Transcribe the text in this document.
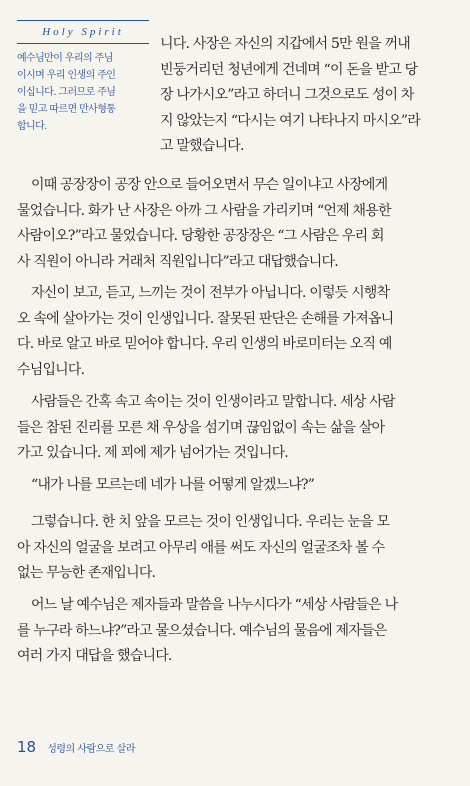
Holy Spirit
예수님만이 우리의 주님
이시며 우리 인생의 주인
이십니다. 그러므로 주님
을 믿고 따르면 만사형통
합니다.
니다. 사장은 자신의 지갑에서 5만 원을 꺼내
빈둥거리던 청년에게 건네며 “이 돈을 받고 당
장 나가시오”라고 하더니 그것으로도 성이 차
지 않았는지 “다시는 여기 나타나지 마시오”라
고 말했습니다.
이때 공장장이 공장 안으로 들어오면서 무슨 일이냐고 사장에게
물었습니다. 화가 난 사장은 아까 그 사람을 가리키며 “언제 채용한
사람이오?”라고 물었습니다. 당황한 공장장은 “그 사람은 우리 회
사 직원이 아니라 거래처 직원입니다”라고 대답했습니다.
자신이 보고, 듣고, 느끼는 것이 전부가 아닙니다. 이렇듯 시행착
오 속에 살아가는 것이 인생입니다. 잘못된 판단은 손해를 가져옵니
다. 바로 알고 바로 믿어야 합니다. 우리 인생의 바로미터는 오직 예
수님입니다.
사람들은 간혹 속고 속이는 것이 인생이라고 말합니다. 세상 사람
들은 참된 진리를 모른 채 우상을 섬기며 끊임없이 속는 삶을 살아
가고 있습니다. 제 꾀에 제가 넘어가는 것입니다.
“내가 나를 모르는데 네가 나를 어떻게 알겠느냐?”
그렇습니다. 한 치 앞을 모르는 것이 인생입니다. 우리는 눈을 모
아 자신의 얼굴을 보려고 아무리 애를 써도 자신의 얼굴조차 볼 수
없는 무능한 존재입니다.
어느 날 예수님은 제자들과 말씀을 나누시다가 “세상 사람들은 나
를 누구라 하느냐?”라고 물으셨습니다. 예수님의 물음에 제자들은
여러 가지 대답을 했습니다.
18 성령의 사람으로 살라
